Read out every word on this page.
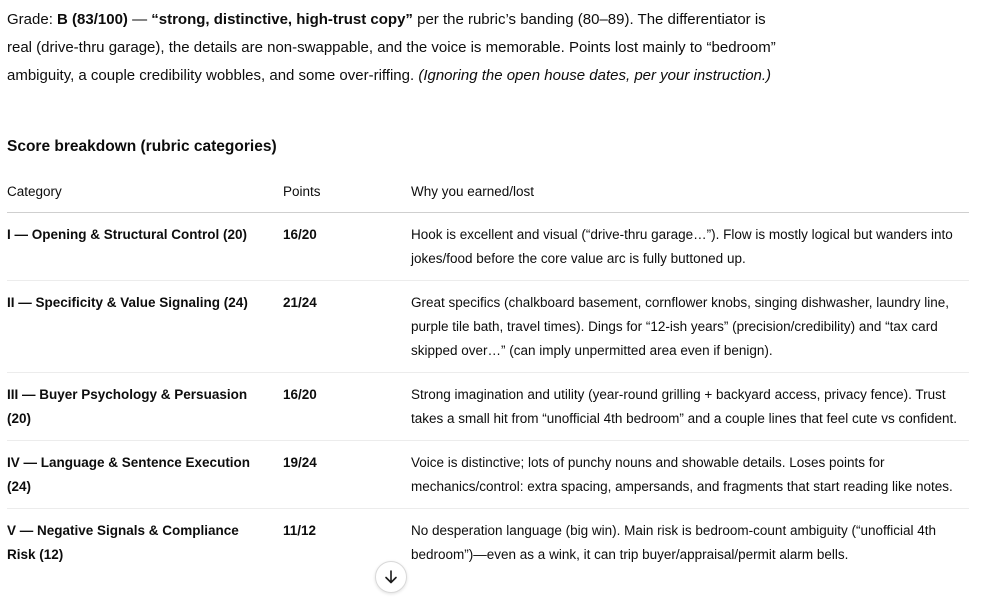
Grade: B (83/100) — “strong, distinctive, high-trust copy” per the rubric’s banding (80–89). The differentiator is real (drive-thru garage), the details are non-swappable, and the voice is memorable. Points lost mainly to “bedroom” ambiguity, a couple credibility wobbles, and some over-riffing. (Ignoring the open house dates, per your instruction.)

Score breakdown (rubric categories)
Category	Points	Why you earned/lost
I — Opening & Structural Control (20)	16/20	Hook is excellent and visual (“drive-thru garage…”). Flow is mostly logical but wanders into jokes/food before the core value arc is fully buttoned up.
II — Specificity & Value Signaling (24)	21/24	Great specifics (chalkboard basement, cornflower knobs, singing dishwasher, laundry line, purple tile bath, travel times). Dings for “12-ish years” (precision/credibility) and “tax card skipped over…” (can imply unpermitted area even if benign).
III — Buyer Psychology & Persuasion (20)	16/20	Strong imagination and utility (year-round grilling + backyard access, privacy fence). Trust takes a small hit from “unofficial 4th bedroom” and a couple lines that feel cute vs confident.
IV — Language & Sentence Execution (24)	19/24	Voice is distinctive; lots of punchy nouns and showable details. Loses points for mechanics/control: extra spacing, ampersands, and fragments that start reading like notes.
V — Negative Signals & Compliance Risk (12)	11/12	No desperation language (big win). Main risk is bedroom-count ambiguity (“unofficial 4th bedroom”)—even as a wink, it can trip buyer/appraisal/permit alarm bells.
